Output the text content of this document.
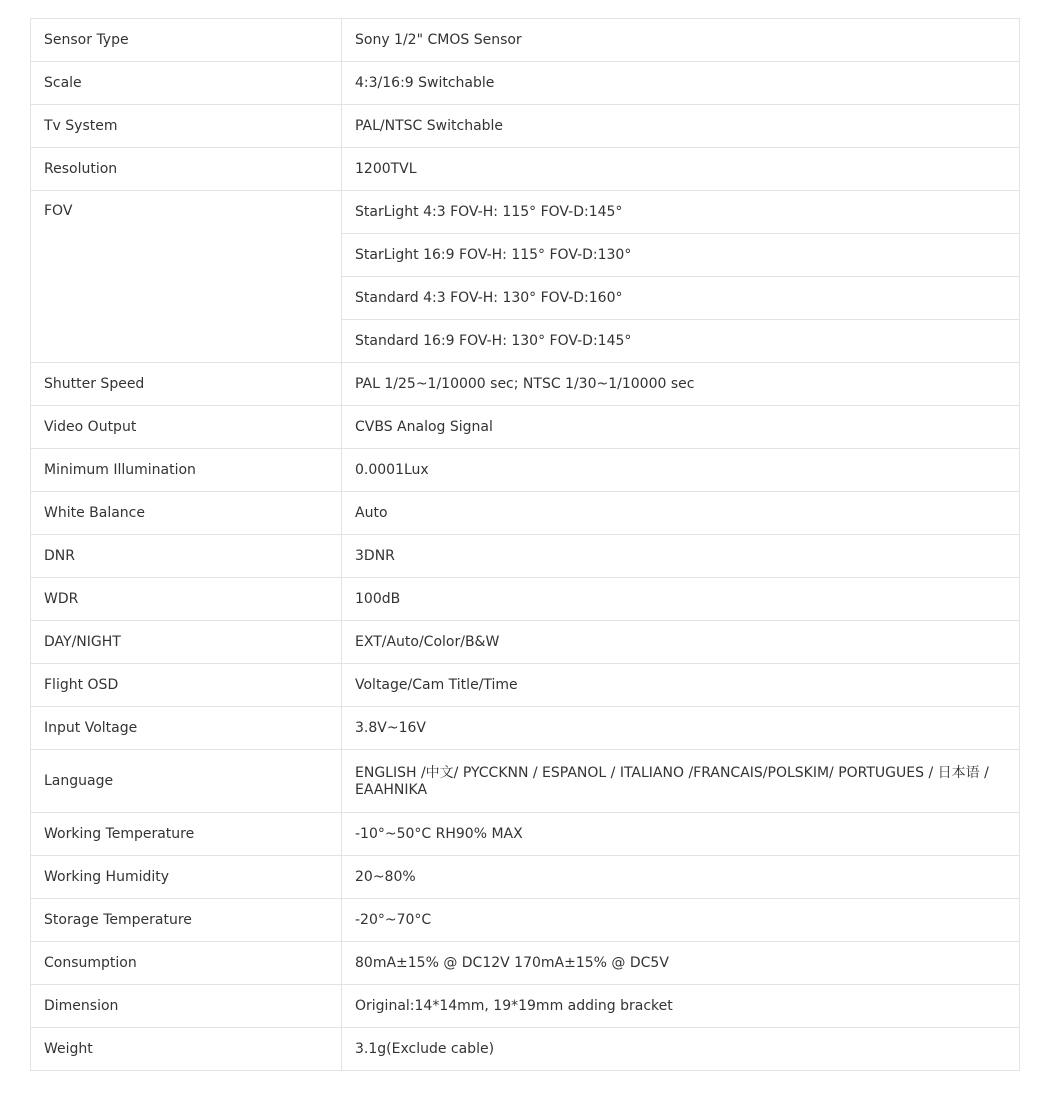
Sensor Type	Sony 1/2" CMOS Sensor
Scale	4:3/16:9 Switchable
Tv System	PAL/NTSC Switchable
Resolution	1200TVL
FOV	StarLight 4:3 FOV-H: 115° FOV-D:145°
	StarLight 16:9 FOV-H: 115° FOV-D:130°
	Standard 4:3 FOV-H: 130° FOV-D:160°
	Standard 16:9 FOV-H: 130° FOV-D:145°
Shutter Speed	PAL 1/25~1/10000 sec; NTSC 1/30~1/10000 sec
Video Output	CVBS Analog Signal
Minimum Illumination	0.0001Lux
White Balance	Auto
DNR	3DNR
WDR	100dB
DAY/NIGHT	EXT/Auto/Color/B&W
Flight OSD	Voltage/Cam Title/Time
Input Voltage	3.8V~16V
Language	ENGLISH /中文/ PYCCKNN / ESPANOL / ITALIANO /FRANCAIS/POLSKIM/ PORTUGUES / 日本语 / EAAHNIKA
Working Temperature	-10°~50°C RH90% MAX
Working Humidity	20~80%
Storage Temperature	-20°~70°C
Consumption	80mA±15% @ DC12V 170mA±15% @ DC5V
Dimension	Original:14*14mm, 19*19mm adding bracket
Weight	3.1g(Exclude cable)
